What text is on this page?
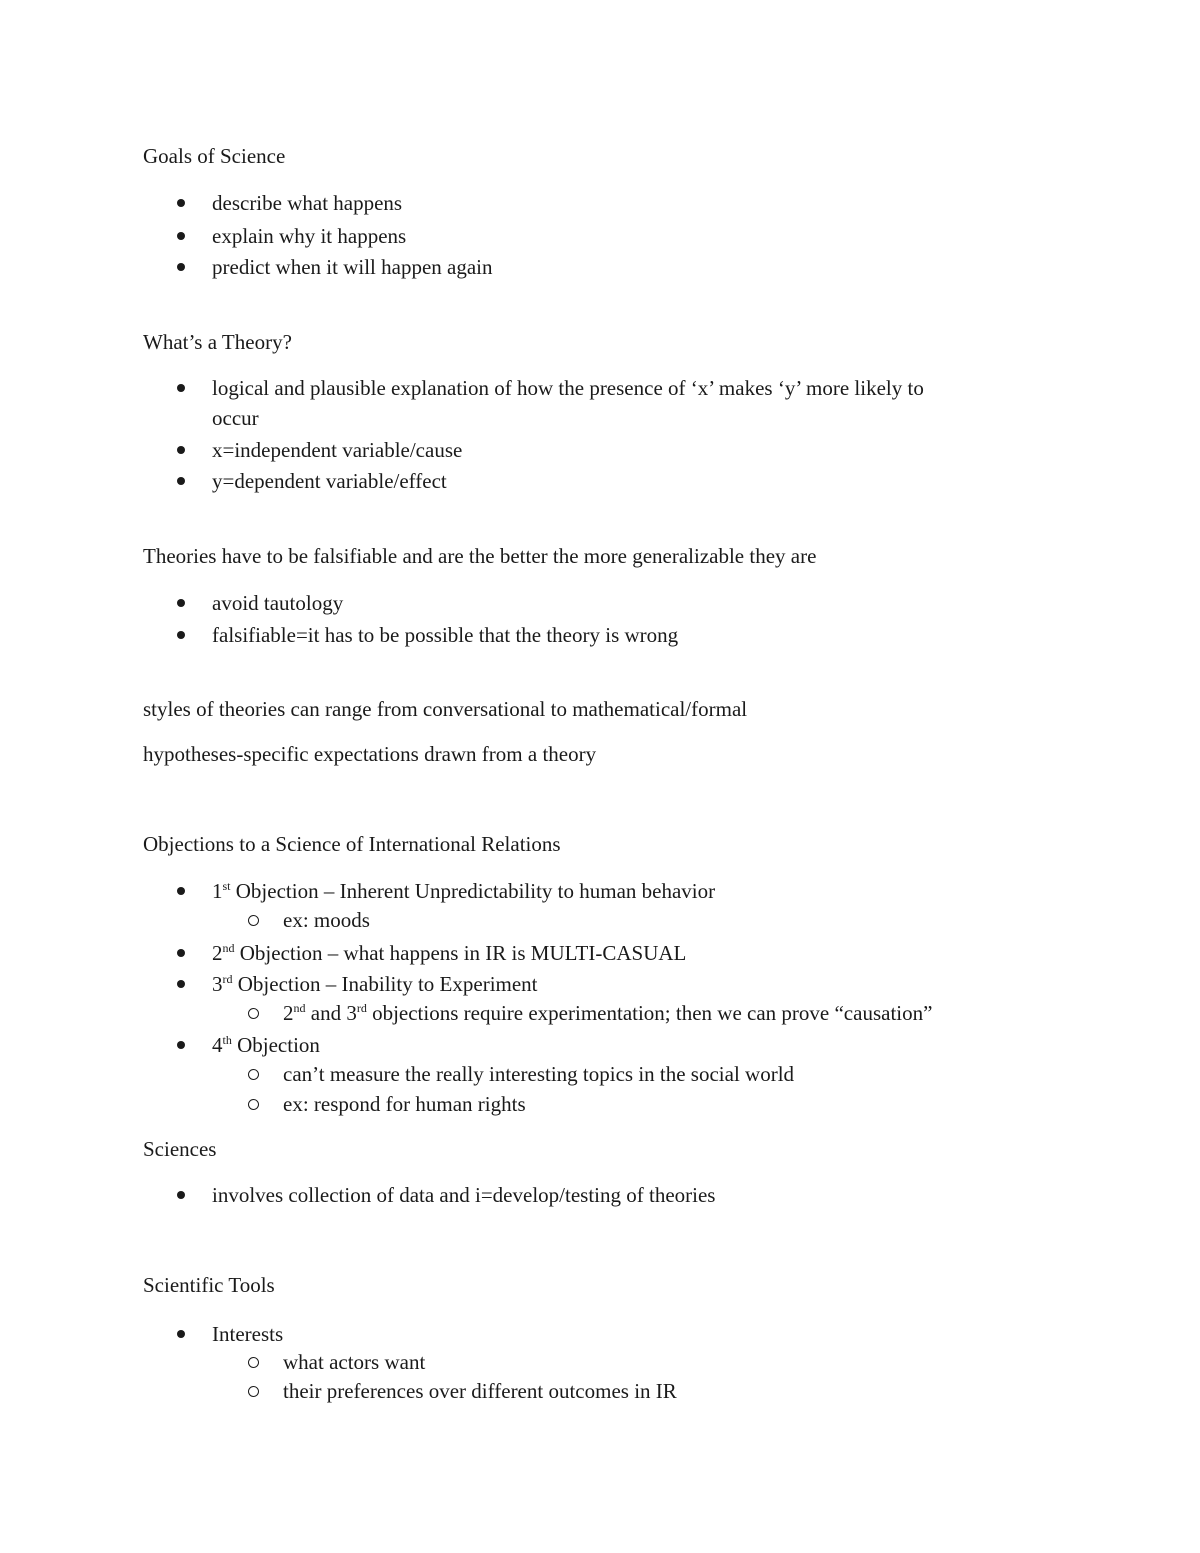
Goals of Science
describe what happens
explain why it happens
predict when it will happen again
What’s a Theory?
logical and plausible explanation of how the presence of ‘x’ makes ‘y’ more likely to
occur
x=independent variable/cause
y=dependent variable/effect
Theories have to be falsifiable and are the better the more generalizable they are
avoid tautology
falsifiable=it has to be possible that the theory is wrong
styles of theories can range from conversational to mathematical/formal
hypotheses-specific expectations drawn from a theory
Objections to a Science of International Relations
1st Objection – Inherent Unpredictability to human behavior
ex: moods
2nd Objection – what happens in IR is MULTI-CASUAL
3rd Objection – Inability to Experiment
2nd and 3rd objections require experimentation; then we can prove “causation”
4th Objection
can’t measure the really interesting topics in the social world
ex: respond for human rights
Sciences
involves collection of data and i=develop/testing of theories
Scientific Tools
Interests
what actors want
their preferences over different outcomes in IR
